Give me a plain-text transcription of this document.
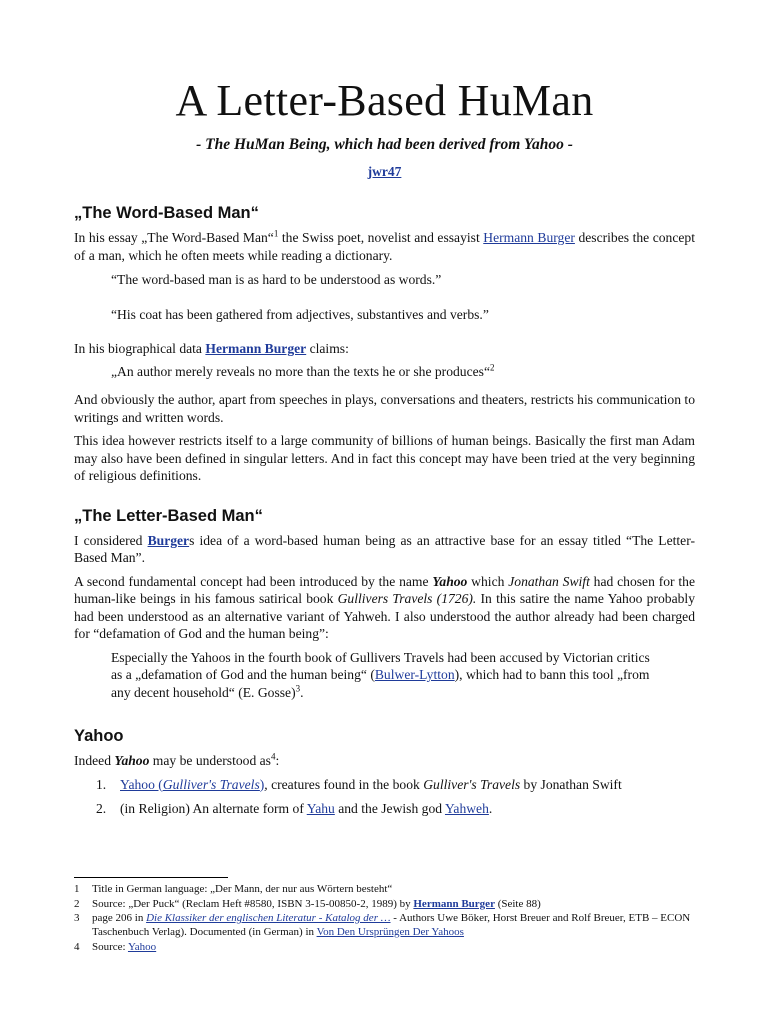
A Letter-Based HuMan
- The HuMan Being, which had been derived from Yahoo -
jwr47
„The Word-Based Man“

In his essay „The Word-Based Man“$^1$ the Swiss poet, novelist and essayist Hermann Burger describes the concept of a man, which he often meets while reading a dictionary.

“The word-based man is as hard to be understood as words.”
“His coat has been gathered from adjectives, substantives and verbs.”

In his biographical data Hermann Burger claims:

„An author merely reveals no more than the texts he or she produces“$^2$

And obviously the author, apart from speeches in plays, conversations and theaters, restricts his communication to writings and written words.

This idea however restricts itself to a large community of billions of human beings. Basically the first man Adam may also have been defined in singular letters. And in fact this concept may have been tried at the very beginning of religious definitions.

„The Letter-Based Man“

I considered Burgers idea of a word-based human being as an attractive base for an essay titled “The Letter-Based Man”.

A second fundamental concept had been introduced by the name Yahoo which Jonathan Swift had chosen for the human-like beings in his famous satirical book Gullivers Travels (1726). In this satire the name Yahoo probably had been understood as an alternative variant of Yahweh. I also understood the author already had been charged for “defamation of God and the human being”:

Especially the Yahoos in the fourth book of Gullivers Travels had been accused by Victorian critics as a „defamation of God and the human being“ (Bulwer-Lytton), which had to bann this tool „from any decent household“ (E. Gosse)$^3$.
Yahoo

Indeed Yahoo may be understood $as^4$:

1. Yahoo (Gulliver's Travels), creatures found in the book Gulliver's Travels by Jonathan Swift
2. (in Religion) An alternate form of Yahu and the Jewish god Yahweh.
1 Title in German language: „Der Mann, der nur aus Wörtern besteht“
2 Source: „Der Puck“ (Reclam Heft #8580, ISBN 3-15-00850-2, 1989) by Hermann Burger (Seite 88)
3 page 206 in Die Klassiker der englischen Literatur - Katalog der … - Authors Uwe Böker, Horst Breuer and Rolf Breuer, ETB – ECON Taschenbuch Verlag). Documented (in German) in Von Den Ursprüngen Der Yahoos
4 Source: Yahoo
